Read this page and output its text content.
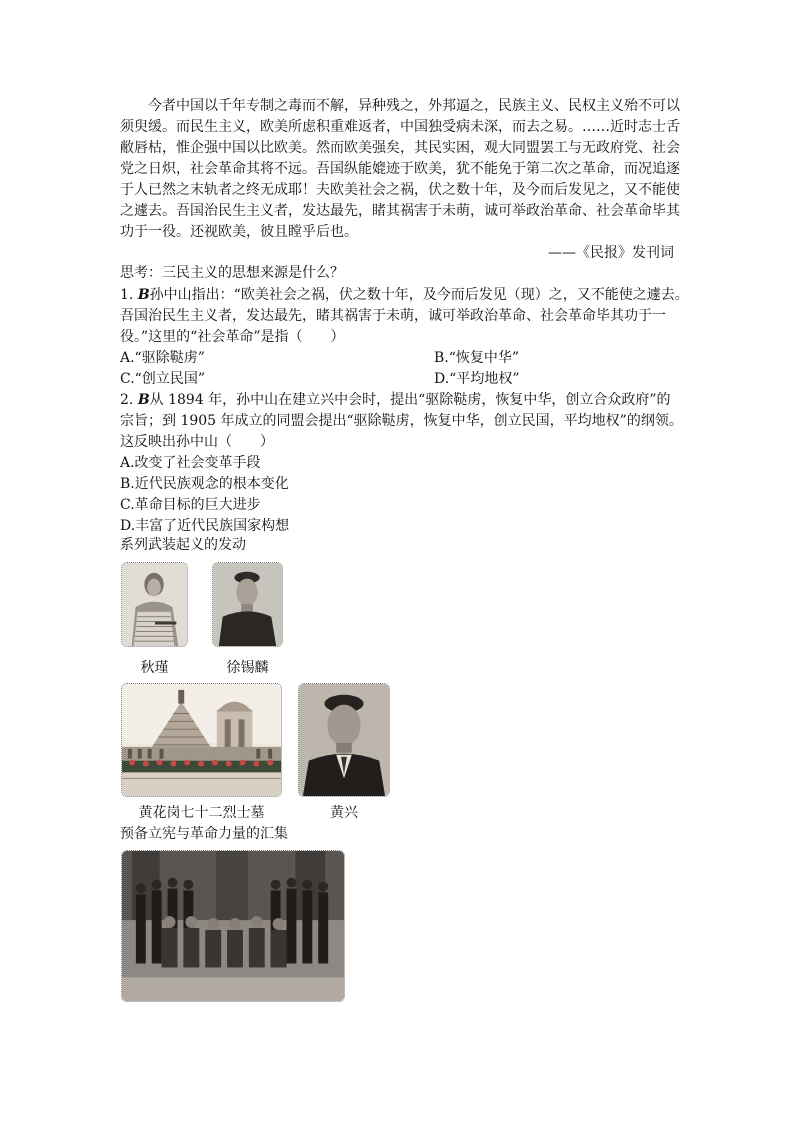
今者中国以千年专制之毒而不解，异种残之，外邦逼之，民族主义、民权主义殆不可以
须臾缓。而民生主义，欧美所虑积重难返者，中国独受病未深，而去之易。……近时志士舌
敝唇枯，惟企强中国以比欧美。然而欧美强矣，其民实困，观大同盟罢工与无政府党、社会
党之日炽，社会革命其将不远。吾国纵能媲迹于欧美，犹不能免于第二次之革命，而况追逐
于人已然之末轨者之终无成耶！夫欧美社会之祸，伏之数十年，及今而后发见之，又不能使
之遽去。吾国治民生主义者，发达最先，睹其祸害于未萌，诚可举政治革命、社会革命毕其
功于一役。还视欧美，彼且瞠乎后也。
——《民报》发刊词
思考：三民主义的思想来源是什么？
1. B孙中山指出：“欧美社会之祸，伏之数十年，及今而后发见（现）之，又不能使之遽去。
吾国治民生主义者，发达最先，睹其祸害于未萌，诚可举政治革命、社会革命毕其功于一
役。”这里的“社会革命”是指（　　）
A.“驱除鞑虏”	B.“恢复中华”
C.“创立民国”	D.“平均地权”
2. B从 1894 年，孙中山在建立兴中会时，提出“驱除鞑虏，恢复中华，创立合众政府”的
宗旨；到 1905 年成立的同盟会提出“驱除鞑虏，恢复中华，创立民国，平均地权”的纲领。
这反映出孙中山（　　）
A.改变了社会变革手段
B.近代民族观念的根本变化
C.革命目标的巨大进步
D.丰富了近代民族国家构想
系列武装起义的发动
秋瑾	徐锡麟
黄花岗七十二烈士墓	黄兴
预备立宪与革命力量的汇集
